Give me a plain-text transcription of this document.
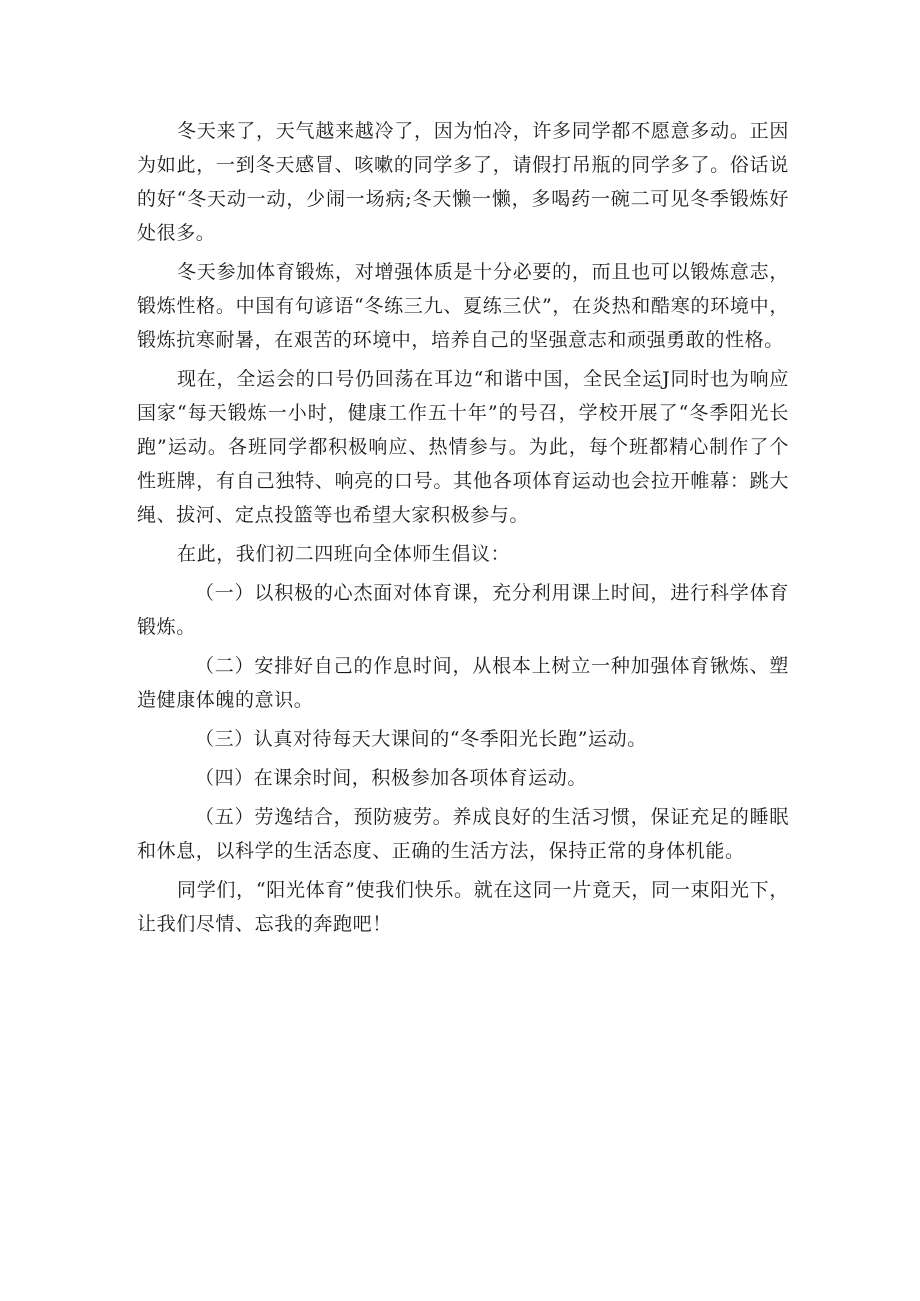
冬天来了，天气越来越冷了，因为怕冷，许多同学都不愿意多动。正因为如此，一到冬天感冒、咳嗽的同学多了，请假打吊瓶的同学多了。俗话说的好“冬天动一动，少闹一场病;冬天懒一懒，多喝药一碗二可见冬季锻炼好处很多。

冬天参加体育锻炼，对增强体质是十分必要的，而且也可以锻炼意志，锻炼性格。中国有句谚语“冬练三九、夏练三伏”，在炎热和酷寒的环境中，锻炼抗寒耐暑，在艰苦的环境中，培养自己的坚强意志和顽强勇敢的性格。

现在，全运会的口号仍回荡在耳边“和谐中国，全民全运J同时也为响应国家“每天锻炼一小时，健康工作五十年”的号召，学校开展了“冬季阳光长跑”运动。各班同学都积极响应、热情参与。为此，每个班都精心制作了个性班牌，有自己独特、响亮的口号。其他各项体育运动也会拉开帷幕：跳大绳、拔河、定点投篮等也希望大家积极参与。

在此，我们初二四班向全体师生倡议：

（一）以积极的心杰面对体育课，充分利用课上时间，进行科学体育锻炼。

（二）安排好自己的作息时间，从根本上树立一种加强体育锹炼、塑造健康体魄的意识。

（三）认真对待每天大课间的“冬季阳光长跑”运动。

（四）在课余时间，积极参加各项体育运动。

（五）劳逸结合，预防疲劳。养成良好的生活习惯，保证充足的睡眠和休息，以科学的生活态度、正确的生活方法，保持正常的身体机能。

同学们，“阳光体育”使我们快乐。就在这同一片竟天，同一束阳光下，让我们尽情、忘我的奔跑吧！
